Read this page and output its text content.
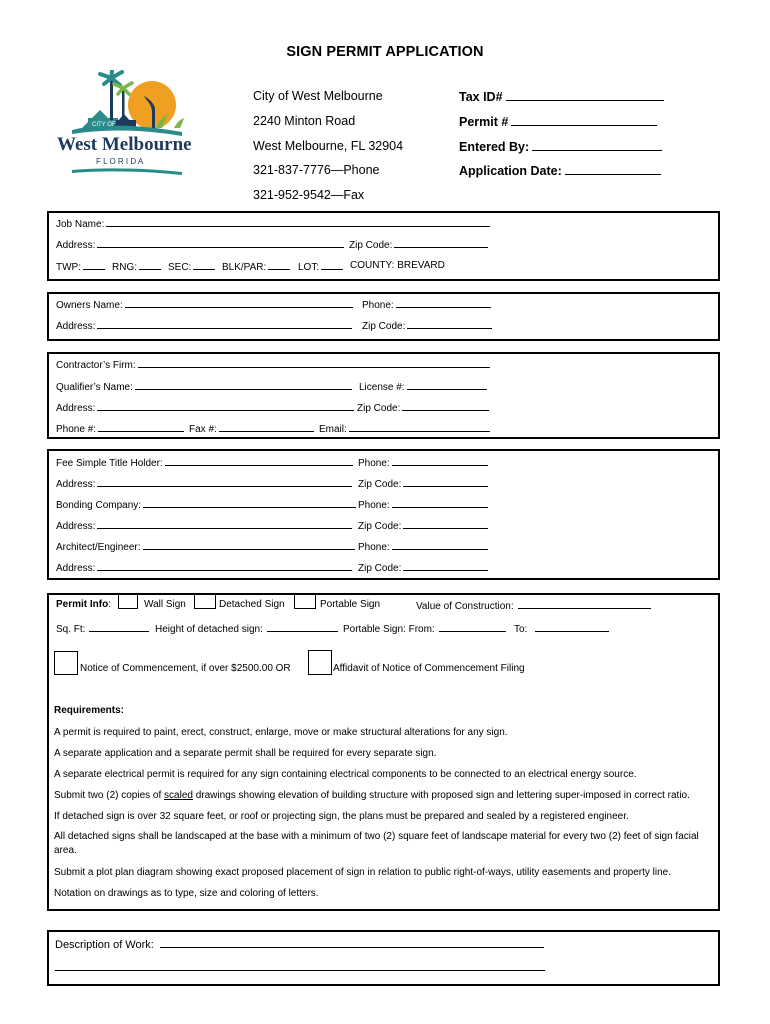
SIGN PERMIT APPLICATION
CITY OF
West Melbourne
F L O R I D A
City of West Melbourne
2240 Minton Road
West Melbourne, FL 32904
321-837-7776—Phone
321-952-9542—Fax
Tax ID#
Permit #
Entered By:
Application Date:
Job Name:
Address:	Zip Code:
TWP:	RNG:	SEC:	BLK/PAR:	LOT:	COUNTY: BREVARD
Owners Name:	Phone:
Address:	Zip Code:
Contractor’s Firm:
Qualifier’s Name:	License #:
Address:	Zip Code:
Phone #:	Fax #:	Email:
Fee Simple Title Holder:	Phone:
Address:	Zip Code:
Bonding Company:	Phone:
Address:	Zip Code:
Architect/Engineer:	Phone:
Address:	Zip Code:
Permit Info:	Wall Sign	Detached Sign	Portable Sign	Value of Construction:
Sq. Ft:	Height of detached sign:	Portable Sign: From:	To:
Notice of Commencement, if over $2500.00 OR	Affidavit of Notice of Commencement Filing
Requirements:
A permit is required to paint, erect, construct, enlarge, move or make structural alterations for any sign.
A separate application and a separate permit shall be required for every separate sign.
A separate electrical permit is required for any sign containing electrical components to be connected to an electrical energy source.
Submit two (2) copies of scaled drawings showing elevation of building structure with proposed sign and lettering super-imposed in correct ratio.
If detached sign is over 32 square feet, or roof or projecting sign, the plans must be prepared and sealed by a registered engineer.
All detached signs shall be landscaped at the base with a minimum of two (2) square feet of landscape material for every two (2) feet of sign facial area.
Submit a plot plan diagram showing exact proposed placement of sign in relation to public right-of-ways, utility easements and property line.
Notation on drawings as to type, size and coloring of letters.
Description of Work:
